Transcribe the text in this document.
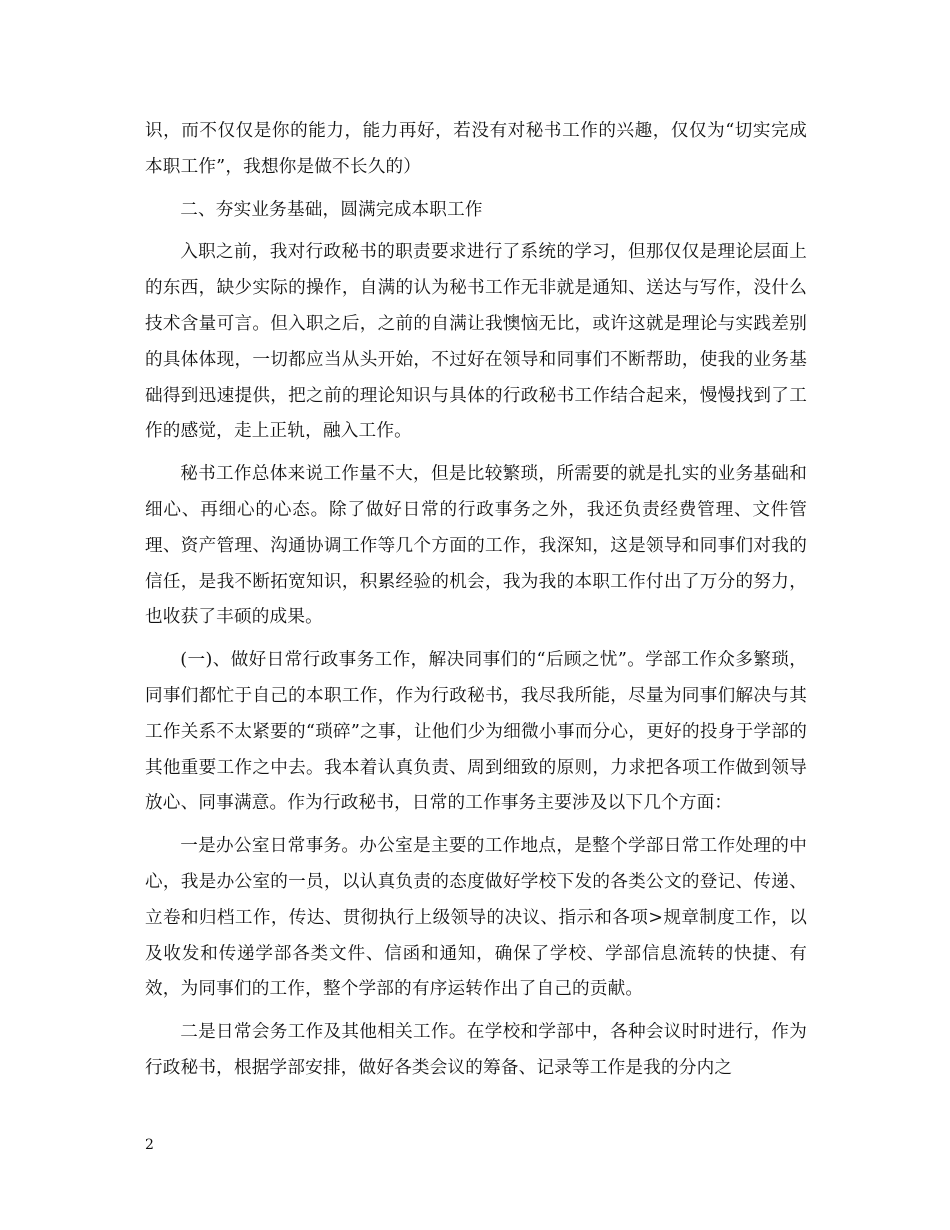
识，而不仅仅是你的能力，能力再好，若没有对秘书工作的兴趣，仅仅为“切实完成本职工作”，我想你是做不长久的）

二、夯实业务基础，圆满完成本职工作

入职之前，我对行政秘书的职责要求进行了系统的学习，但那仅仅是理论层面上的东西，缺少实际的操作，自满的认为秘书工作无非就是通知、送达与写作，没什么技术含量可言。但入职之后，之前的自满让我懊恼无比，或许这就是理论与实践差别的具体体现，一切都应当从头开始，不过好在领导和同事们不断帮助，使我的业务基础得到迅速提供，把之前的理论知识与具体的行政秘书工作结合起来，慢慢找到了工作的感觉，走上正轨，融入工作。

秘书工作总体来说工作量不大，但是比较繁琐，所需要的就是扎实的业务基础和细心、再细心的心态。除了做好日常的行政事务之外，我还负责经费管理、文件管理、资产管理、沟通协调工作等几个方面的工作，我深知，这是领导和同事们对我的信任，是我不断拓宽知识，积累经验的机会，我为我的本职工作付出了万分的努力，也收获了丰硕的成果。

(一)、做好日常行政事务工作，解决同事们的“后顾之忧”。学部工作众多繁琐，同事们都忙于自己的本职工作，作为行政秘书，我尽我所能，尽量为同事们解决与其工作关系不太紧要的“琐碎”之事，让他们少为细微小事而分心，更好的投身于学部的其他重要工作之中去。我本着认真负责、周到细致的原则，力求把各项工作做到领导放心、同事满意。作为行政秘书，日常的工作事务主要涉及以下几个方面：

一是办公室日常事务。办公室是主要的工作地点，是整个学部日常工作处理的中心，我是办公室的一员，以认真负责的态度做好学校下发的各类公文的登记、传递、立卷和归档工作，传达、贯彻执行上级领导的决议、指示和各项>规章制度工作，以及收发和传递学部各类文件、信函和通知，确保了学校、学部信息流转的快捷、有效，为同事们的工作，整个学部的有序运转作出了自己的贡献。

二是日常会务工作及其他相关工作。在学校和学部中，各种会议时时进行，作为行政秘书，根据学部安排，做好各类会议的筹备、记录等工作是我的分内之

2
